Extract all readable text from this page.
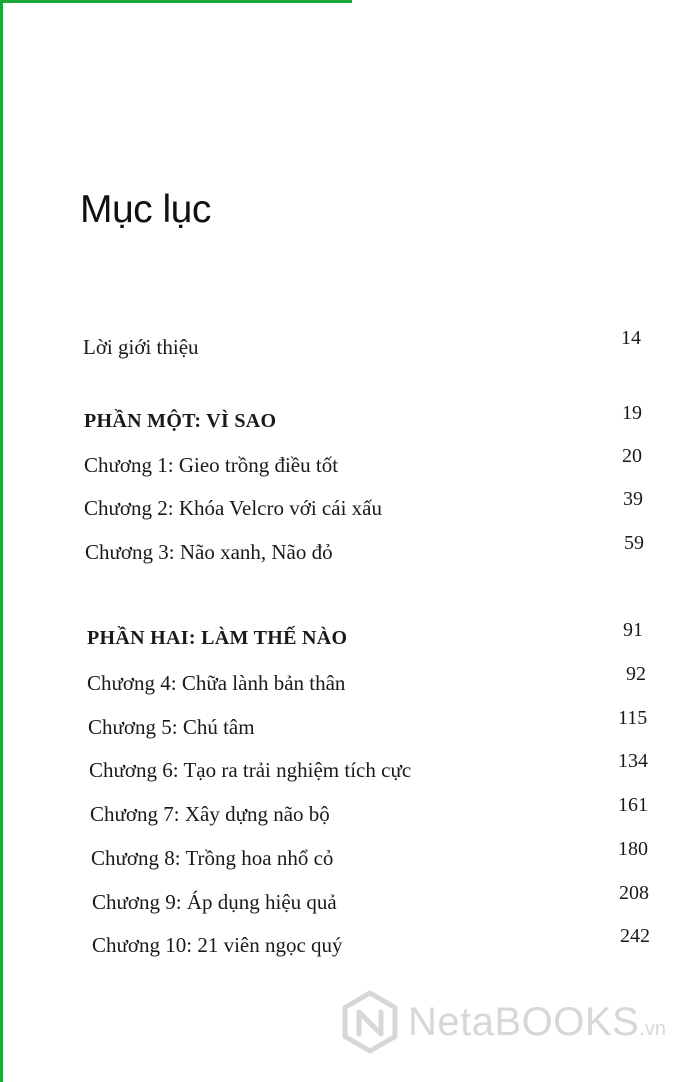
Mục lục
Lời giới thiệu	14
PHẦN MỘT: VÌ SAO	19
Chương 1: Gieo trồng điều tốt	20
Chương 2: Khóa Velcro với cái xấu	39
Chương 3: Não xanh, Não đỏ	59
PHẦN HAI: LÀM THẾ NÀO	91
Chương 4: Chữa lành bản thân	92
Chương 5: Chú tâm	115
Chương 6: Tạo ra trải nghiệm tích cực	134
Chương 7: Xây dựng não bộ	161
Chương 8: Trồng hoa nhổ cỏ	180
Chương 9: Áp dụng hiệu quả	208
Chương 10: 21 viên ngọc quý	242
NetaBOOKS.vn
